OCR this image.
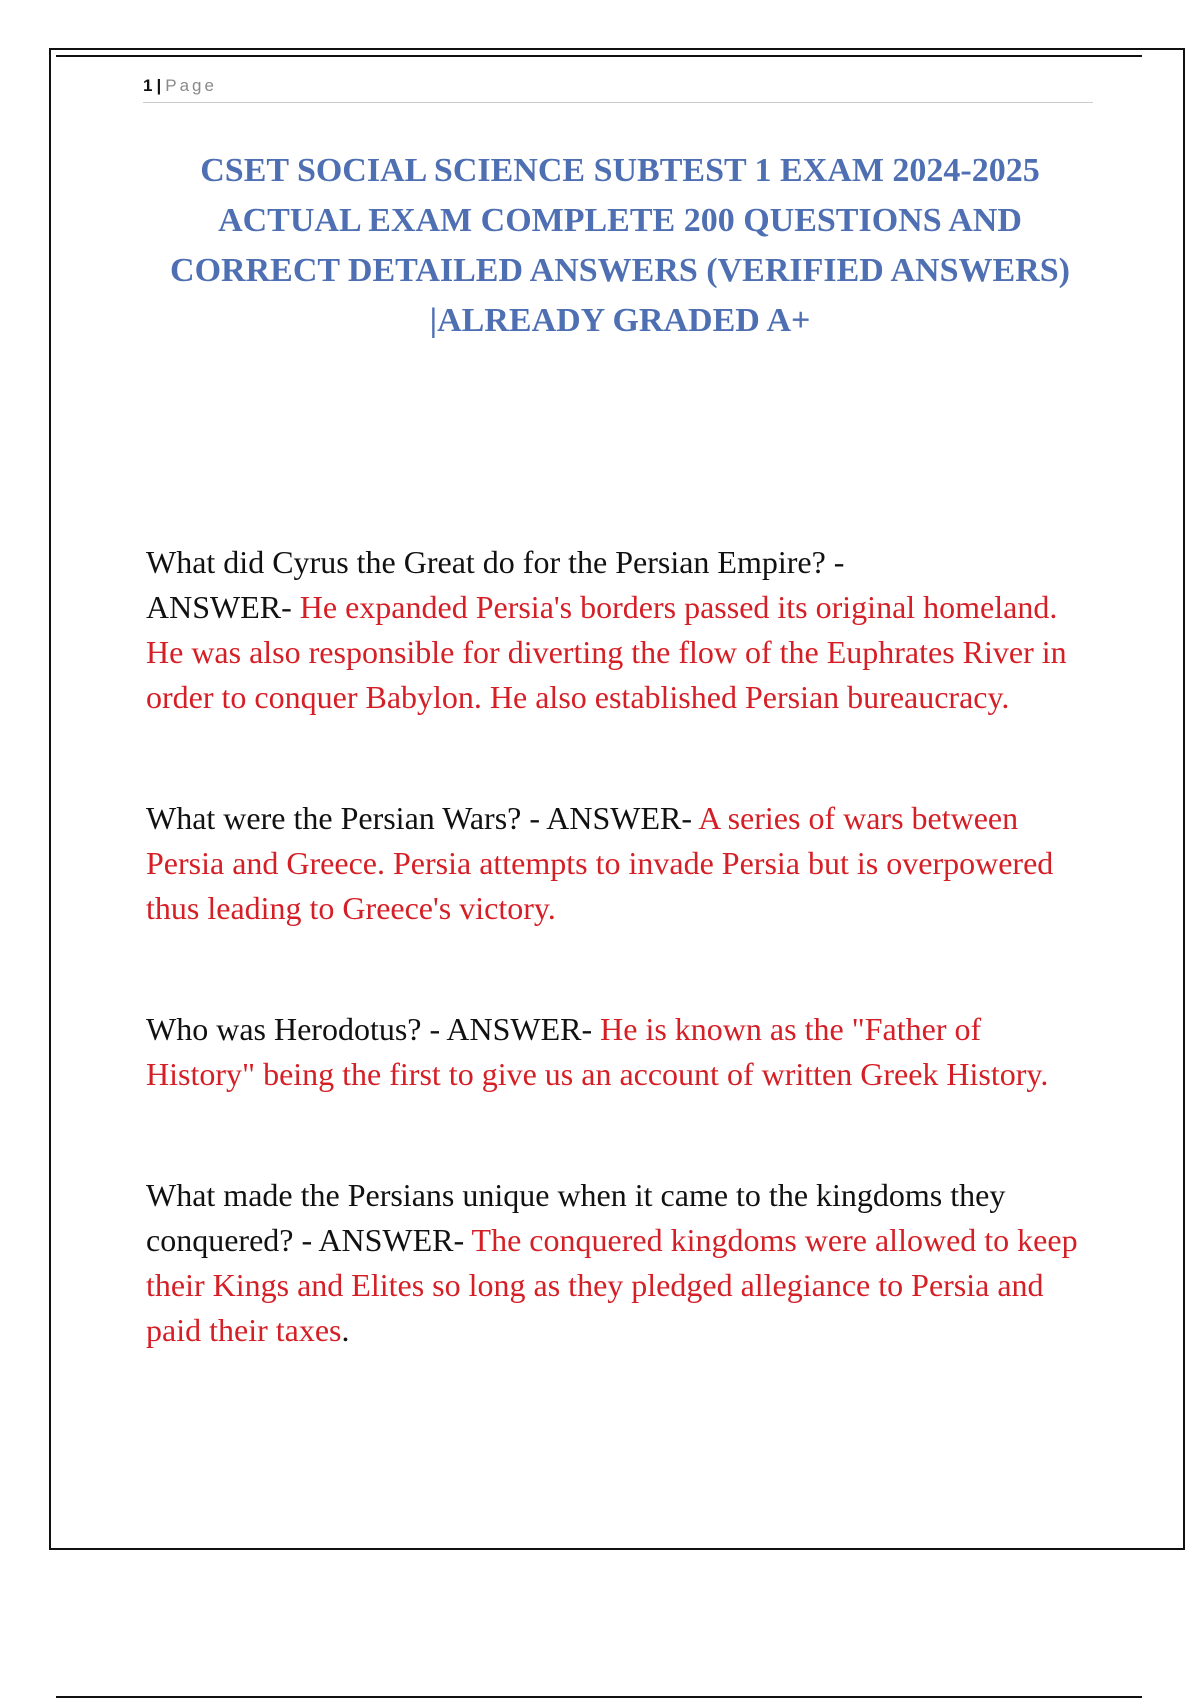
1 | Page
CSET SOCIAL SCIENCE SUBTEST 1 EXAM 2024-2025 ACTUAL EXAM COMPLETE 200 QUESTIONS AND CORRECT DETAILED ANSWERS (VERIFIED ANSWERS) |ALREADY GRADED A+
What did Cyrus the Great do for the Persian Empire? -
ANSWER- He expanded Persia's borders passed its original homeland. He was also responsible for diverting the flow of the Euphrates River in order to conquer Babylon. He also established Persian bureaucracy.
What were the Persian Wars? - ANSWER- A series of wars between Persia and Greece. Persia attempts to invade Persia but is overpowered thus leading to Greece's victory.
Who was Herodotus? - ANSWER- He is known as the "Father of History" being the first to give us an account of written Greek History.
What made the Persians unique when it came to the kingdoms they conquered? - ANSWER- The conquered kingdoms were allowed to keep their Kings and Elites so long as they pledged allegiance to Persia and paid their taxes.
